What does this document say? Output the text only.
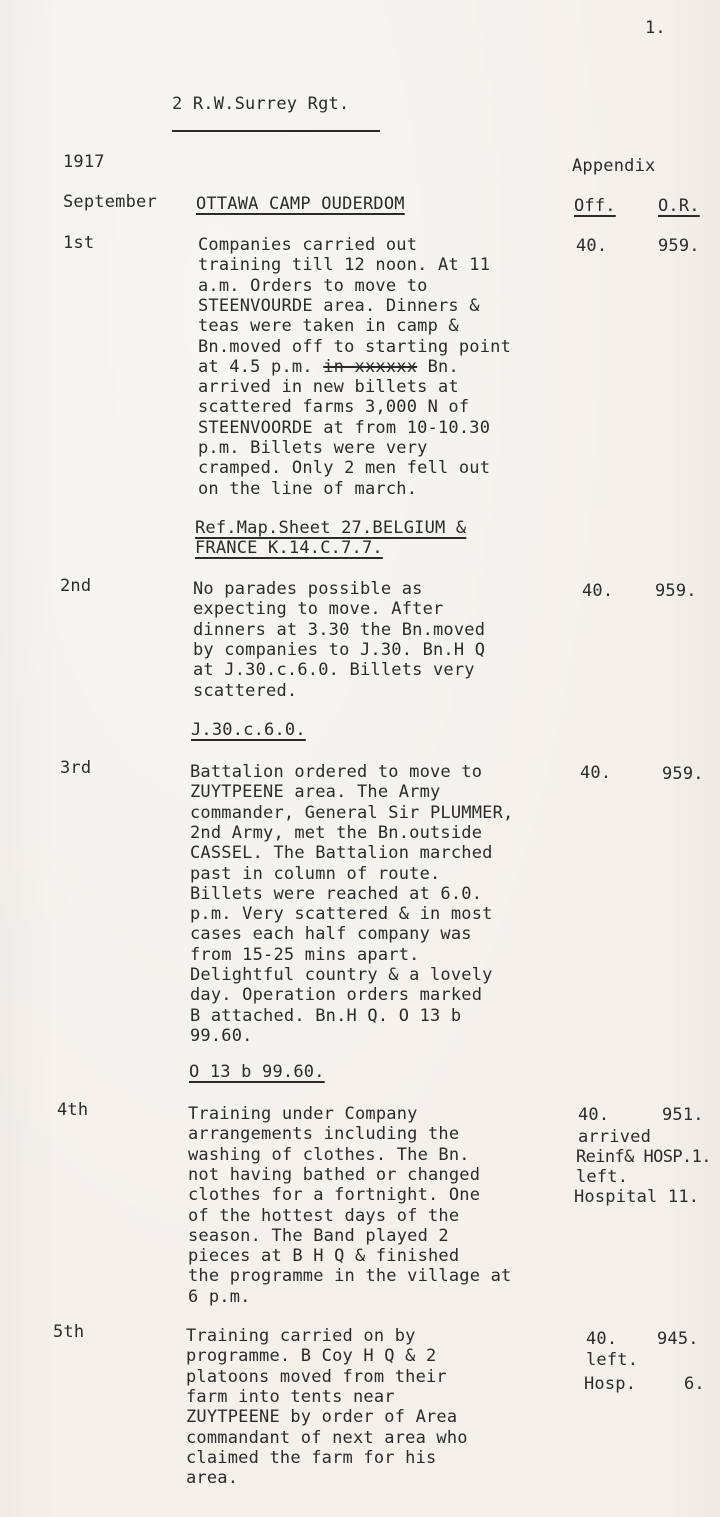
1.
2 R.W.Surrey Rgt.
1917	Appendix
September OTTAWA CAMP OUDERDOM	Off. O.R.
1st	Companies carried out
training till 12 noon. At 11
a.m. Orders to move to
STEENVOURDE area. Dinners &
teas were taken in camp &
Bn.moved off to starting point
at 4.5 p.m. in-xxxxxx Bn.
arrived in new billets at
scattered farms 3,000 N of
STEENVOORDE at from 10-10.30
p.m. Billets were very
cramped. Only 2 men fell out
on the line of march.
40.	959.
Ref.Map.Sheet 27.BELGIUM &
FRANCE K.14.C.7.7.
2nd	No parades possible as
expecting to move. After
dinners at 3.30 the Bn.moved
by companies to J.30. Bn.H Q
at J.30.c.6.0. Billets very
scattered.
40. 959.
J.30.c.6.0.
3rd	Battalion ordered to move to
ZUYTPEENE area. The Army
commander, General Sir PLUMMER,
2nd Army, met the Bn.outside
CASSEL. The Battalion marched
past in column of route.
Billets were reached at 6.0.
p.m. Very scattered & in most
cases each half company was
from 15-25 mins apart.
Delightful country & a lovely
day. Operation orders marked
B attached. Bn.H Q. O 13 b
99.60.
40.	959.
O 13 b 99.60.
4th	Training under Company
arrangements including the
washing of clothes. The Bn.
not having bathed or changed
clothes for a fortnight. One
of the hottest days of the
season. The Band played 2
pieces at B H Q & finished
the programme in the village at
6 p.m.
40.	951.
arrived
Reinf& HOSP.1.
left.
Hospital 11.
5th	Training carried on by
programme. B Coy H Q & 2
platoons moved from their
farm into tents near
ZUYTPEENE by order of Area
commandant of next area who
claimed the farm for his
area.
40. 945.
left.
Hosp.	6.
